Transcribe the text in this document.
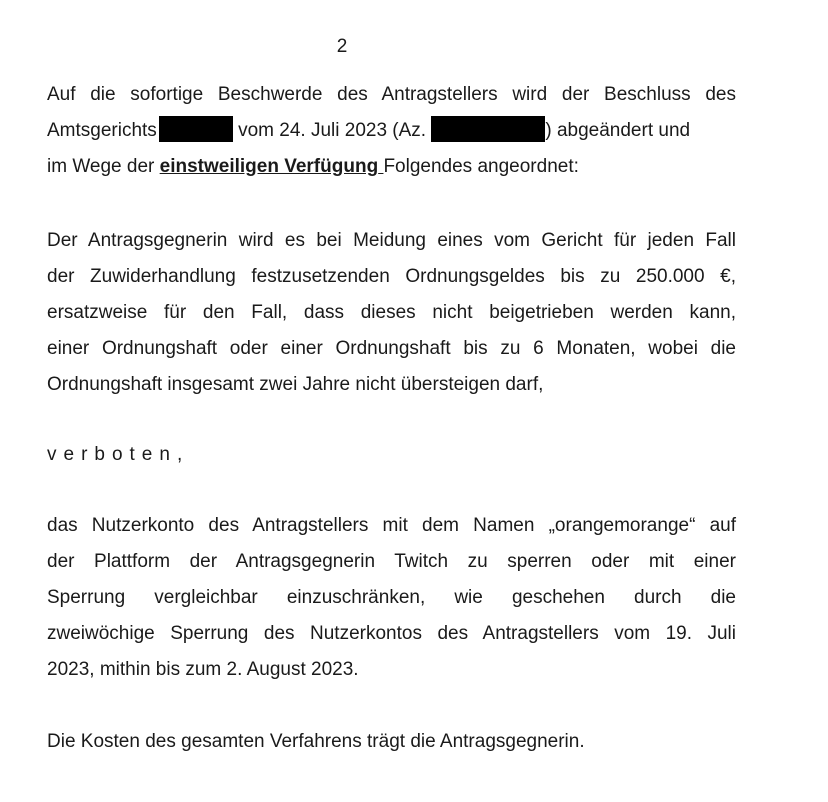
2
Auf die sofortige Beschwerde des Antragstellers wird der Beschluss des
Amtsgerichts	vom 24. Juli 2023 (Az.	) abgeändert und
im Wege der einstweiligen Verfügung Folgendes angeordnet:
Der Antragsgegnerin wird es bei Meidung eines vom Gericht für jeden Fall
der Zuwiderhandlung festzusetzenden Ordnungsgeldes bis zu 250.000 €,
ersatzweise für den Fall, dass dieses nicht beigetrieben werden kann,
einer Ordnungshaft oder einer Ordnungshaft bis zu 6 Monaten, wobei die
Ordnungshaft insgesamt zwei Jahre nicht übersteigen darf,
verboten,
das Nutzerkonto des Antragstellers mit dem Namen „orangemorange“ auf
der Plattform der Antragsgegnerin Twitch zu sperren oder mit einer
Sperrung vergleichbar einzuschränken, wie geschehen durch die
zweiwöchige Sperrung des Nutzerkontos des Antragstellers vom 19. Juli
2023, mithin bis zum 2. August 2023.
Die Kosten des gesamten Verfahrens trägt die Antragsgegnerin.
